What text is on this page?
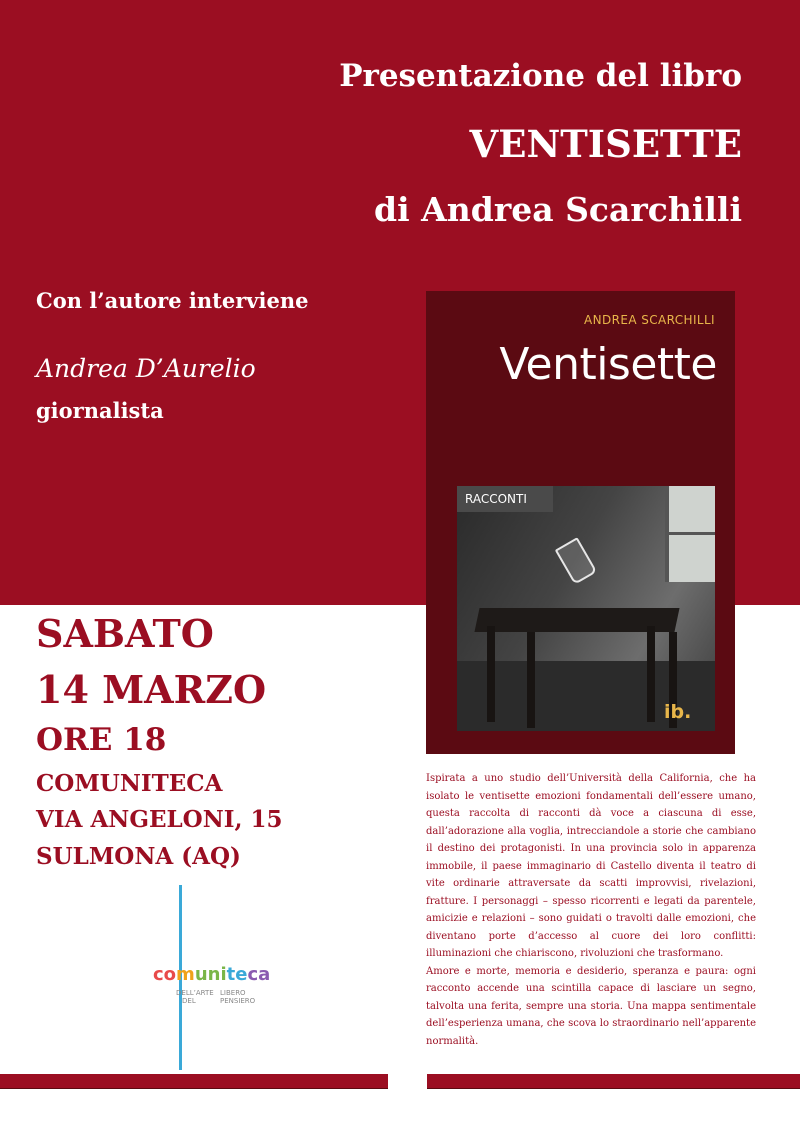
Presentazione del libro
VENTISETTE
di Andrea Scarchilli
Con l’autore interviene
Andrea D’Aurelio
giornalista
SABATO
14 MARZO
ORE 18
COMUNITECA
VIA ANGELONI, 15
SULMONA (AQ)
ANDREA SCARCHILLI
Ventisette
RACCONTI
ib.

Ispirata a uno studio dell’Università della California, che ha isolato le ventisette emozioni fondamentali dell’essere umano, questa raccolta di racconti dà voce a ciascuna di esse, dall’adorazione alla voglia, intrecciandole a storie che cambiano il destino dei protagonisti. In una provincia solo in apparenza immobile, il paese immaginario di Castello diventa il teatro di vite ordinarie attraversate da scatti improvvisi, rivelazioni, fratture. I personaggi – spesso ricorrenti e legati da parentele, amicizie e relazioni – sono guidati o travolti dalle emozioni, che diventano porte d’accesso al cuore dei loro conflitti: illuminazioni che chiariscono, rivoluzioni che trasformano.

Amore e morte, memoria e desiderio, speranza e paura: ogni racconto accende una scintilla capace di lasciare un segno, talvolta una ferita, sempre una storia. Una mappa sentimentale dell’esperienza umana, che scova lo straordinario nell’apparente normalità.

comuniteca
DELL’ARTE LIBERO
DEL	PENSIERO
